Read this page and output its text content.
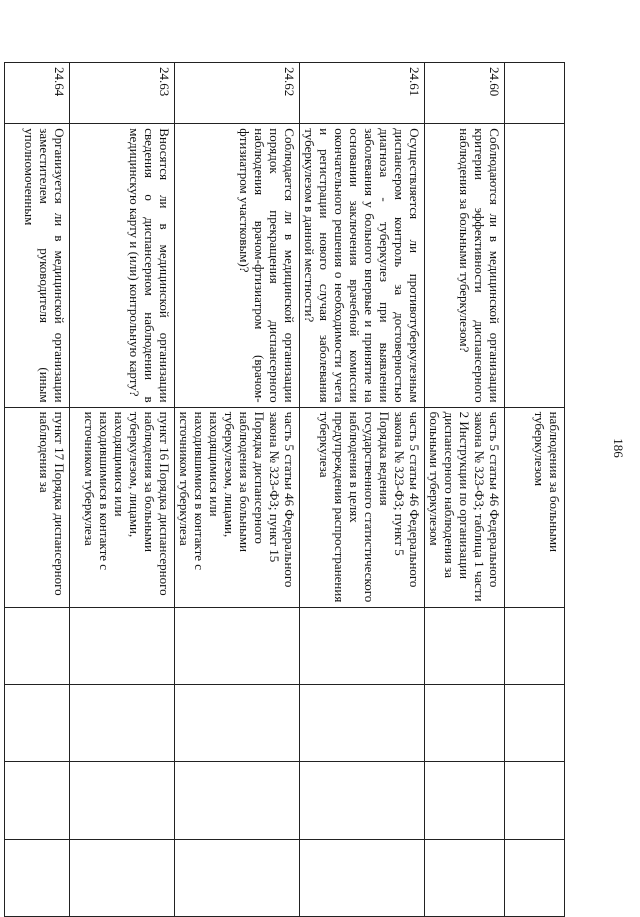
186
		наблюдения за больными туберкулезом				
24.60	Соблюдаются ли в медицинской организации критерии эффективности диспансерного наблюдения за больными туберкулезом?	часть 5 статьи 46 Федерального закона № 323-ФЗ; таблица 1 части 2 Инструкции по организации диспансерного наблюдения за больными туберкулезом				
24.61	Осуществляется ли противотуберкулезным диспансером контроль за достоверностью диагноза - туберкулез при выявлении заболевания у больного впервые и принятие на основании заключения врачебной комиссии окончательного решения о необходимости учета и регистрации нового случая заболевания туберкулезом в данной местности?	часть 5 статьи 46 Федерального закона № 323-ФЗ; пункт 5 Порядка ведения государственного статистического наблюдения в целях предупреждения распространения туберкулеза				
24.62	Соблюдается ли в медицинской организации порядок прекращения диспансерного наблюдения врачом-фтизиатром (врачом-фтизиатром участковым)?	часть 5 статьи 46 Федерального закона № 323-ФЗ; пункт 15 Порядка диспансерного наблюдения за больными туберкулезом, лицами, находящимися или находившимися в контакте с источником туберкулеза				
24.63	Вносятся ли в медицинской организации сведения о диспансерном наблюдении в медицинскую карту и (или) контрольную карту?	пункт 16 Порядка диспансерного наблюдения за больными туберкулезом, лицами, находящимися или находившимися в контакте с источником туберкулеза				
24.64	Организуется ли в медицинской организации заместителем руководителя (иным уполномоченным	пункт 17 Порядка диспансерного наблюдения за				
